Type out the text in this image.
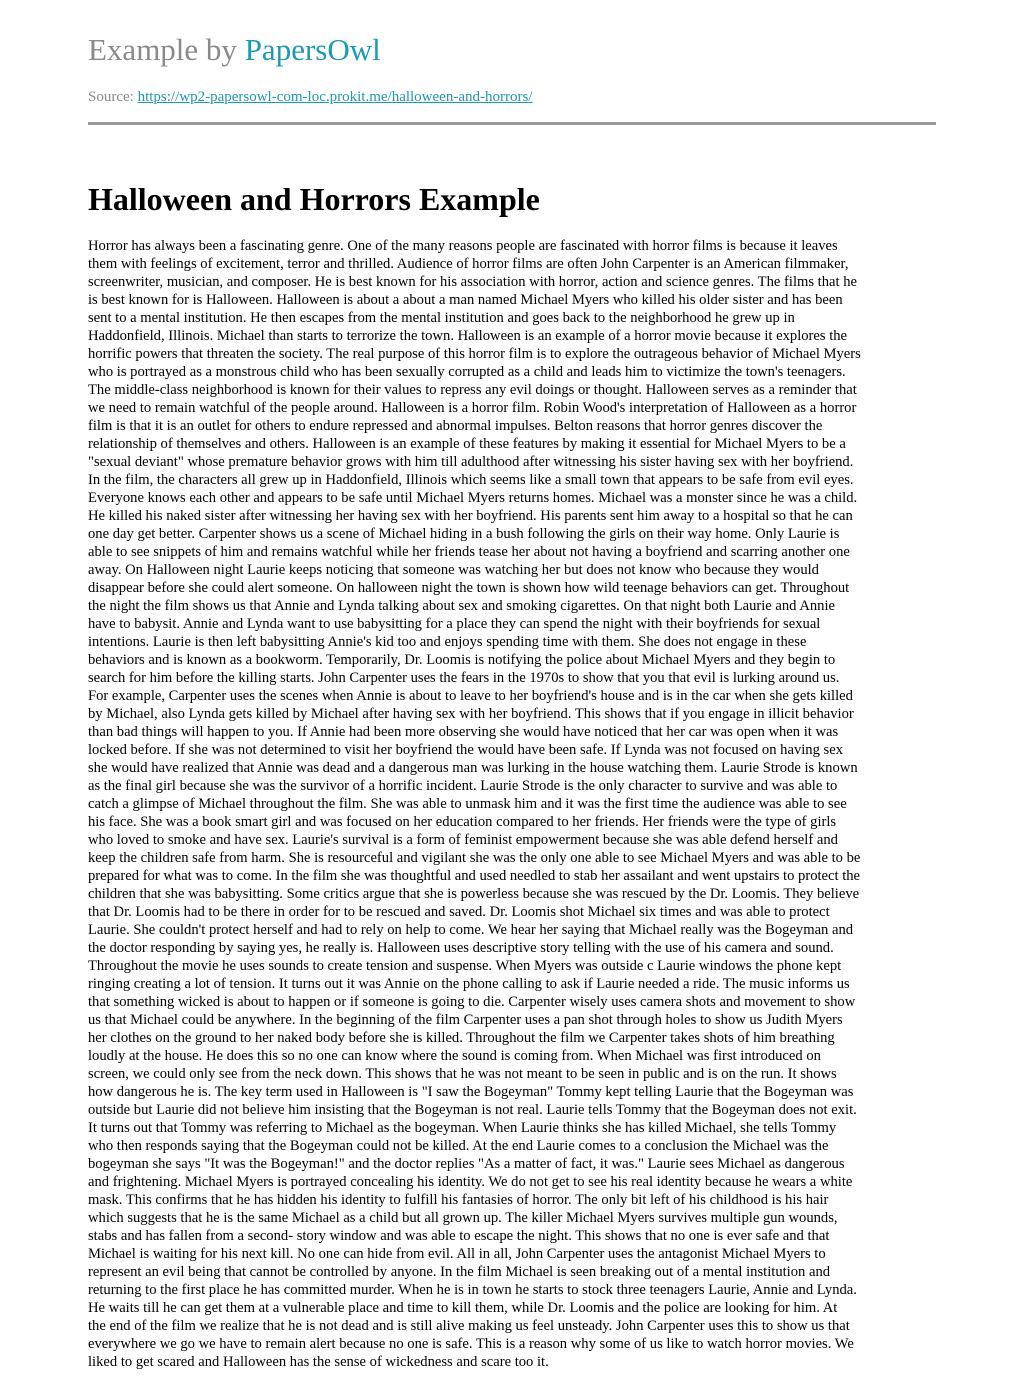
Example by PapersOwl
Source: https://wp2-papersowl-com-loc.prokit.me/halloween-and-horrors/
Halloween and Horrors Example
Horror has always been a fascinating genre. One of the many reasons people are fascinated with horror films is because it leaves
them with feelings of excitement, terror and thrilled. Audience of horror films are often John Carpenter is an American filmmaker,
screenwriter, musician, and composer. He is best known for his association with horror, action and science genres. The films that he
is best known for is Halloween. Halloween is about a about a man named Michael Myers who killed his older sister and has been
sent to a mental institution. He then escapes from the mental institution and goes back to the neighborhood he grew up in
Haddonfield, Illinois. Michael than starts to terrorize the town. Halloween is an example of a horror movie because it explores the
horrific powers that threaten the society. The real purpose of this horror film is to explore the outrageous behavior of Michael Myers
who is portrayed as a monstrous child who has been sexually corrupted as a child and leads him to victimize the town's teenagers.
The middle-class neighborhood is known for their values to repress any evil doings or thought. Halloween serves as a reminder that
we need to remain watchful of the people around. Halloween is a horror film. Robin Wood's interpretation of Halloween as a horror
film is that it is an outlet for others to endure repressed and abnormal impulses. Belton reasons that horror genres discover the
relationship of themselves and others. Halloween is an example of these features by making it essential for Michael Myers to be a
"sexual deviant" whose premature behavior grows with him till adulthood after witnessing his sister having sex with her boyfriend.
In the film, the characters all grew up in Haddonfield, Illinois which seems like a small town that appears to be safe from evil eyes.
Everyone knows each other and appears to be safe until Michael Myers returns homes. Michael was a monster since he was a child.
He killed his naked sister after witnessing her having sex with her boyfriend. His parents sent him away to a hospital so that he can
one day get better. Carpenter shows us a scene of Michael hiding in a bush following the girls on their way home. Only Laurie is
able to see snippets of him and remains watchful while her friends tease her about not having a boyfriend and scarring another one
away. On Halloween night Laurie keeps noticing that someone was watching her but does not know who because they would
disappear before she could alert someone. On halloween night the town is shown how wild teenage behaviors can get. Throughout
the night the film shows us that Annie and Lynda talking about sex and smoking cigarettes. On that night both Laurie and Annie
have to babysit. Annie and Lynda want to use babysitting for a place they can spend the night with their boyfriends for sexual
intentions. Laurie is then left babysitting Annie's kid too and enjoys spending time with them. She does not engage in these
behaviors and is known as a bookworm. Temporarily, Dr. Loomis is notifying the police about Michael Myers and they begin to
search for him before the killing starts. John Carpenter uses the fears in the 1970s to show that you that evil is lurking around us.
For example, Carpenter uses the scenes when Annie is about to leave to her boyfriend's house and is in the car when she gets killed
by Michael, also Lynda gets killed by Michael after having sex with her boyfriend. This shows that if you engage in illicit behavior
than bad things will happen to you. If Annie had been more observing she would have noticed that her car was open when it was
locked before. If she was not determined to visit her boyfriend the would have been safe. If Lynda was not focused on having sex
she would have realized that Annie was dead and a dangerous man was lurking in the house watching them. Laurie Strode is known
as the final girl because she was the survivor of a horrific incident. Laurie Strode is the only character to survive and was able to
catch a glimpse of Michael throughout the film. She was able to unmask him and it was the first time the audience was able to see
his face. She was a book smart girl and was focused on her education compared to her friends. Her friends were the type of girls
who loved to smoke and have sex. Laurie's survival is a form of feminist empowerment because she was able defend herself and
keep the children safe from harm. She is resourceful and vigilant she was the only one able to see Michael Myers and was able to be
prepared for what was to come. In the film she was thoughtful and used needled to stab her assailant and went upstairs to protect the
children that she was babysitting. Some critics argue that she is powerless because she was rescued by the Dr. Loomis. They believe
that Dr. Loomis had to be there in order for to be rescued and saved. Dr. Loomis shot Michael six times and was able to protect
Laurie. She couldn't protect herself and had to rely on help to come. We hear her saying that Michael really was the Bogeyman and
the doctor responding by saying yes, he really is. Halloween uses descriptive story telling with the use of his camera and sound.
Throughout the movie he uses sounds to create tension and suspense. When Myers was outside c Laurie windows the phone kept
ringing creating a lot of tension. It turns out it was Annie on the phone calling to ask if Laurie needed a ride. The music informs us
that something wicked is about to happen or if someone is going to die. Carpenter wisely uses camera shots and movement to show
us that Michael could be anywhere. In the beginning of the film Carpenter uses a pan shot through holes to show us Judith Myers
her clothes on the ground to her naked body before she is killed. Throughout the film we Carpenter takes shots of him breathing
loudly at the house. He does this so no one can know where the sound is coming from. When Michael was first introduced on
screen, we could only see from the neck down. This shows that he was not meant to be seen in public and is on the run. It shows
how dangerous he is. The key term used in Halloween is "I saw the Bogeyman" Tommy kept telling Laurie that the Bogeyman was
outside but Laurie did not believe him insisting that the Bogeyman is not real. Laurie tells Tommy that the Bogeyman does not exit.
It turns out that Tommy was referring to Michael as the bogeyman. When Laurie thinks she has killed Michael, she tells Tommy
who then responds saying that the Bogeyman could not be killed. At the end Laurie comes to a conclusion the Michael was the
bogeyman she says "It was the Bogeyman!" and the doctor replies "As a matter of fact, it was." Laurie sees Michael as dangerous
and frightening. Michael Myers is portrayed concealing his identity. We do not get to see his real identity because he wears a white
mask. This confirms that he has hidden his identity to fulfill his fantasies of horror. The only bit left of his childhood is his hair
which suggests that he is the same Michael as a child but all grown up. The killer Michael Myers survives multiple gun wounds,
stabs and has fallen from a second- story window and was able to escape the night. This shows that no one is ever safe and that
Michael is waiting for his next kill. No one can hide from evil. All in all, John Carpenter uses the antagonist Michael Myers to
represent an evil being that cannot be controlled by anyone. In the film Michael is seen breaking out of a mental institution and
returning to the first place he has committed murder. When he is in town he starts to stock three teenagers Laurie, Annie and Lynda.
He waits till he can get them at a vulnerable place and time to kill them, while Dr. Loomis and the police are looking for him. At
the end of the film we realize that he is not dead and is still alive making us feel unsteady. John Carpenter uses this to show us that
everywhere we go we have to remain alert because no one is safe. This is a reason why some of us like to watch horror movies. We
liked to get scared and Halloween has the sense of wickedness and scare too it.
